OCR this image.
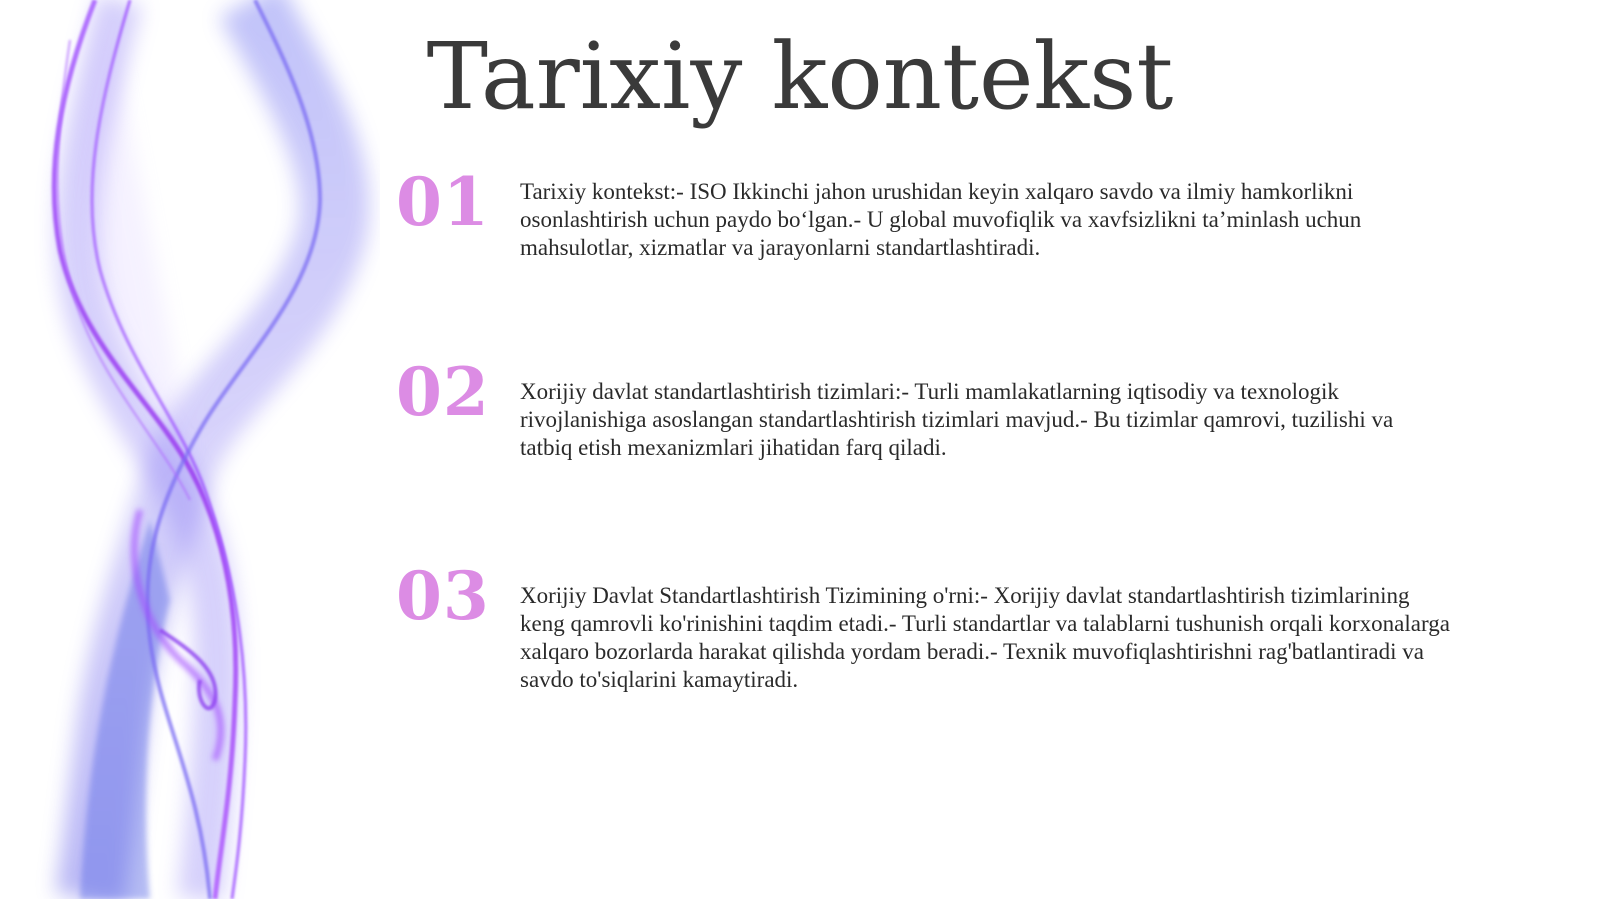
Tarixiy kontekst
01 Tarixiy kontekst:- ISO Ikkinchi jahon urushidan keyin xalqaro savdo va ilmiy hamkorlikni osonlashtirish uchun paydo bo‘lgan.- U global muvofiqlik va xavfsizlikni ta’minlash uchun mahsulotlar, xizmatlar va jarayonlarni standartlashtiradi.
02 Xorijiy davlat standartlashtirish tizimlari:- Turli mamlakatlarning iqtisodiy va texnologik rivojlanishiga asoslangan standartlashtirish tizimlari mavjud.- Bu tizimlar qamrovi, tuzilishi va tatbiq etish mexanizmlari jihatidan farq qiladi.
03 Xorijiy Davlat Standartlashtirish Tizimining o'rni:- Xorijiy davlat standartlashtirish tizimlarining keng qamrovli ko'rinishini taqdim etadi.- Turli standartlar va talablarni tushunish orqali korxonalarga xalqaro bozorlarda harakat qilishda yordam beradi.- Texnik muvofiqlashtirishni rag'batlantiradi va savdo to'siqlarini kamaytiradi.
